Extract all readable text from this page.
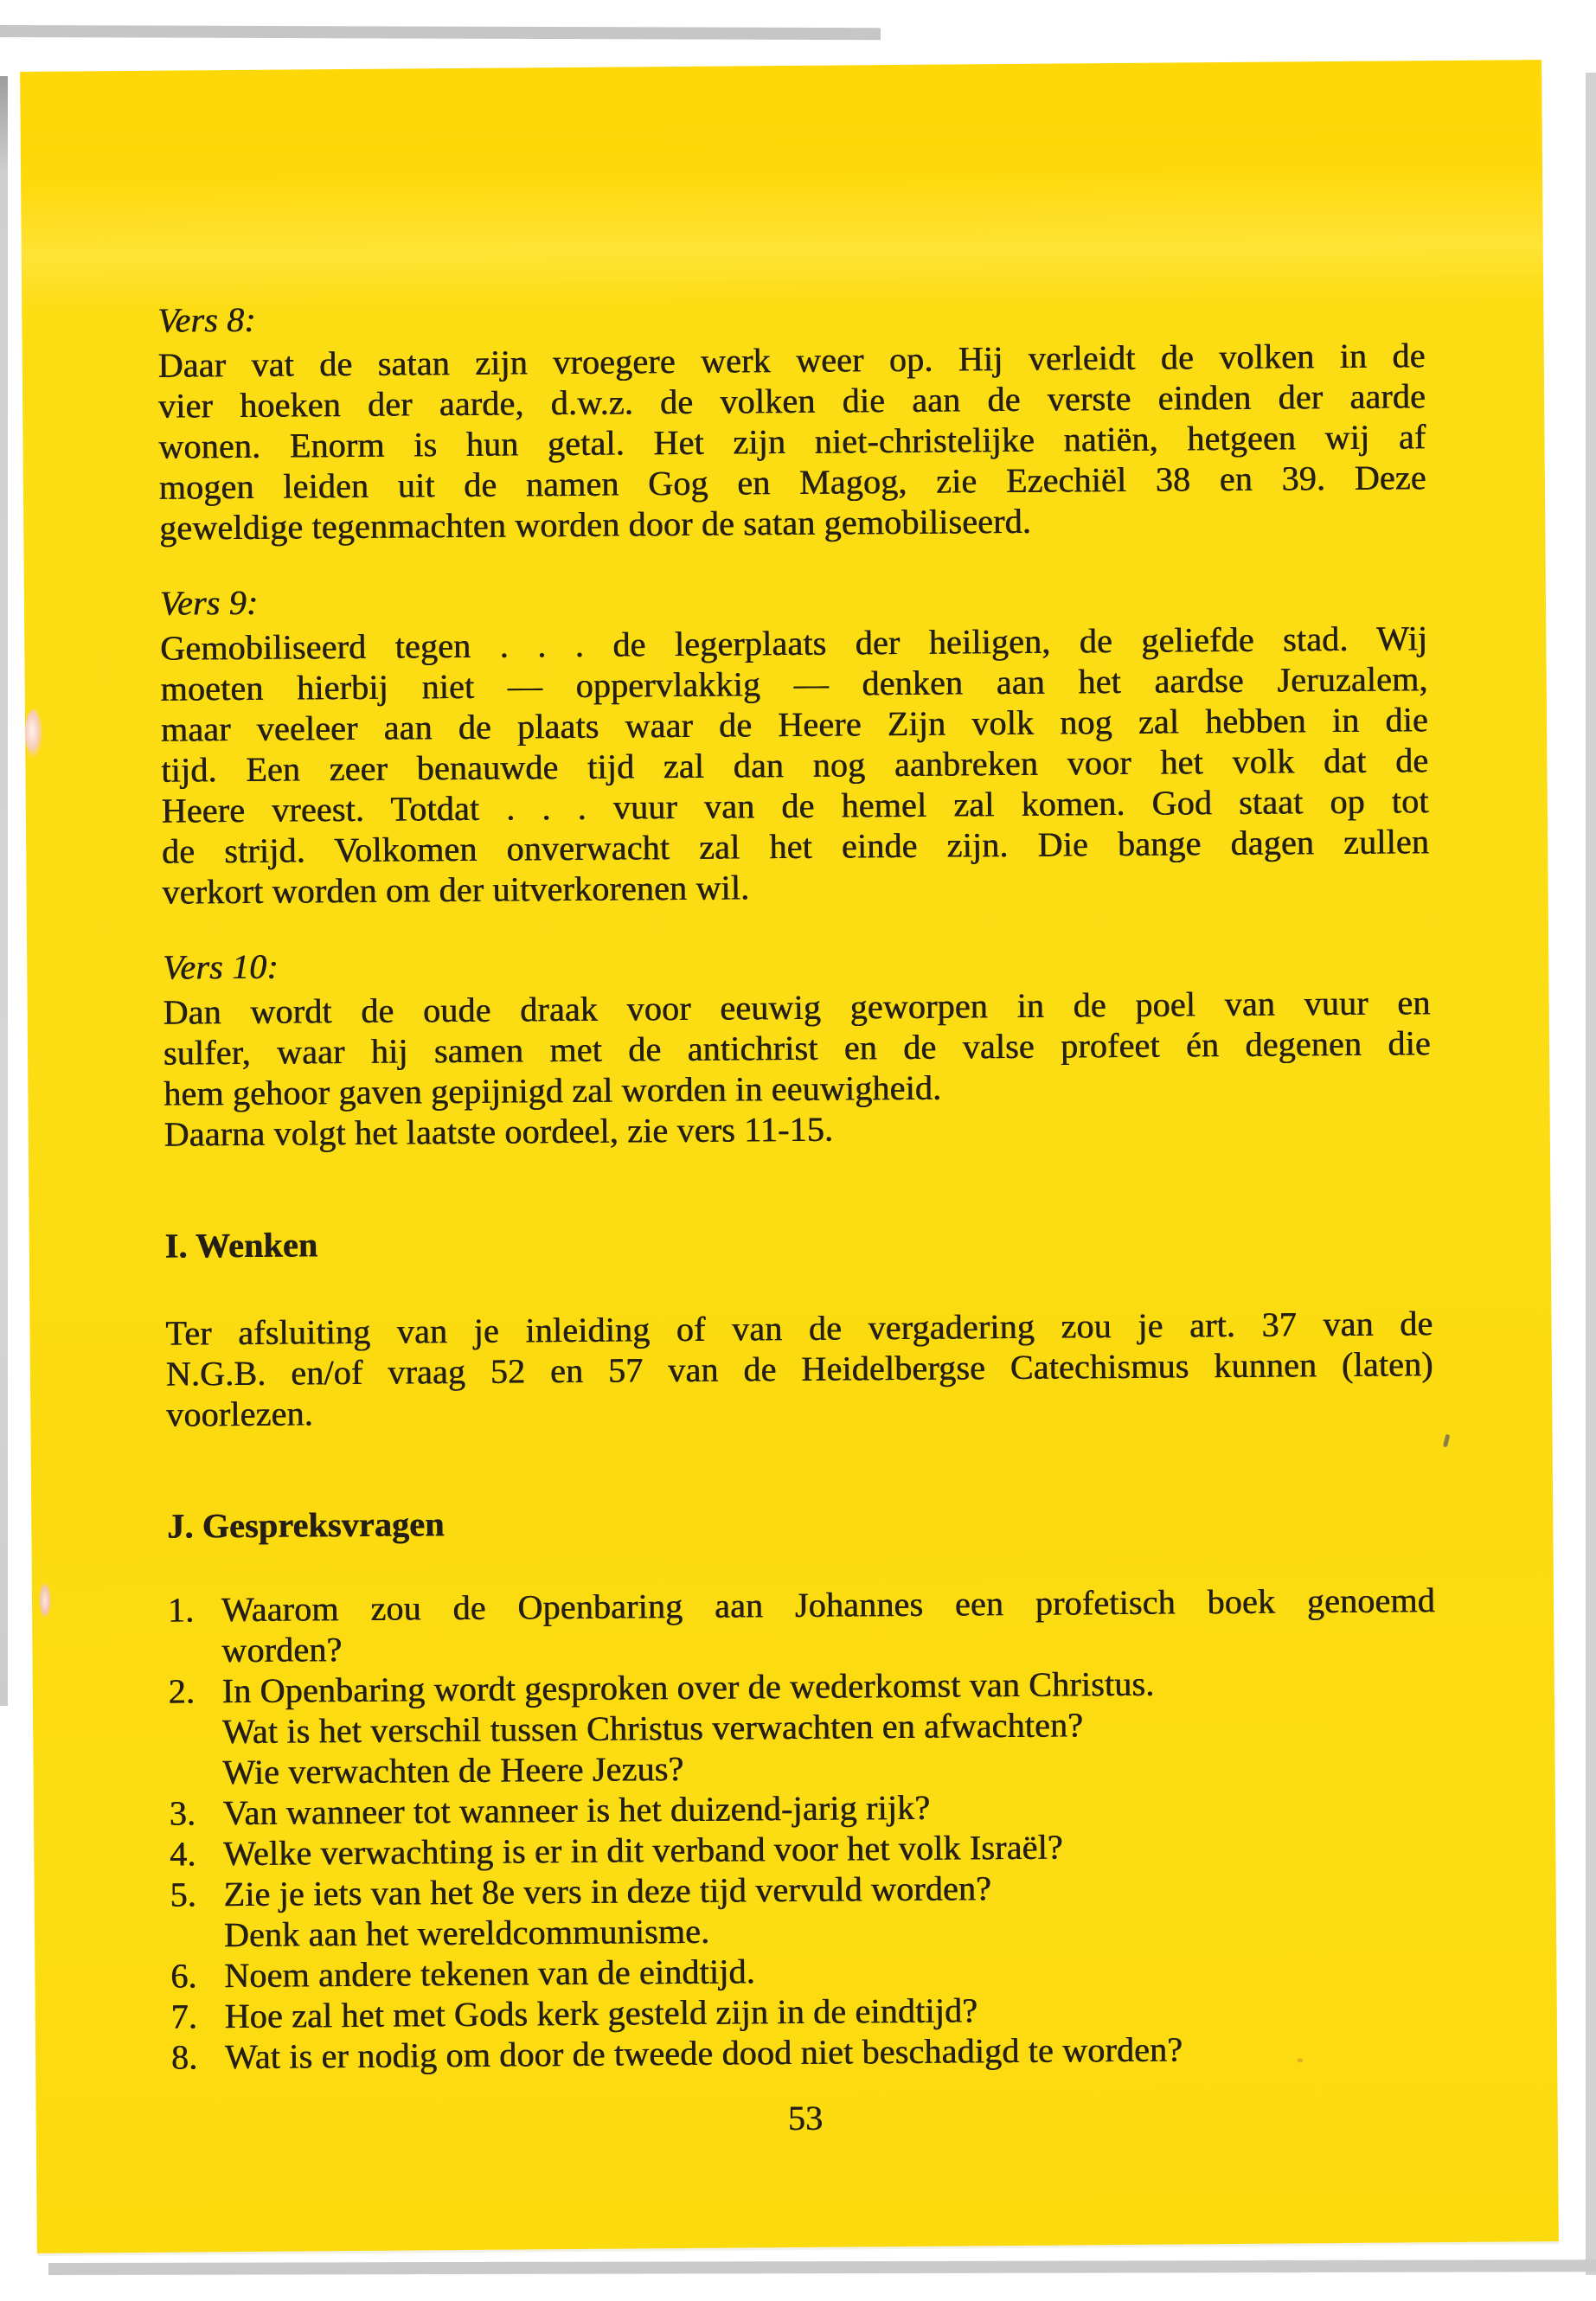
Vers 8:
Daar vat de satan zijn vroegere werk weer op. Hij verleidt de volken in de
vier hoeken der aarde, d.w.z. de volken die aan de verste einden der aarde
wonen. Enorm is hun getal. Het zijn niet-christelijke natiën, hetgeen wij af
mogen leiden uit de namen Gog en Magog, zie Ezechiël 38 en 39. Deze
geweldige tegenmachten worden door de satan gemobiliseerd.
Vers 9:
Gemobiliseerd tegen . . . de legerplaats der heiligen, de geliefde stad. Wij
moeten hierbij niet — oppervlakkig — denken aan het aardse Jeruzalem,
maar veeleer aan de plaats waar de Heere Zijn volk nog zal hebben in die
tijd. Een zeer benauwde tijd zal dan nog aanbreken voor het volk dat de
Heere vreest. Totdat . . . vuur van de hemel zal komen. God staat op tot
de strijd. Volkomen onverwacht zal het einde zijn. Die bange dagen zullen
verkort worden om der uitverkorenen wil.
Vers 10:
Dan wordt de oude draak voor eeuwig geworpen in de poel van vuur en
sulfer, waar hij samen met de antichrist en de valse profeet én degenen die
hem gehoor gaven gepijnigd zal worden in eeuwigheid.
Daarna volgt het laatste oordeel, zie vers 11-15.
I. Wenken
Ter afsluiting van je inleiding of van de vergadering zou je art. 37 van de
N.G.B. en/of vraag 52 en 57 van de Heidelbergse Catechismus kunnen (laten)
voorlezen.
J. Gespreksvragen
1. Waarom zou de Openbaring aan Johannes een profetisch boek genoemd
worden?
2. In Openbaring wordt gesproken over de wederkomst van Christus.
Wat is het verschil tussen Christus verwachten en afwachten?
Wie verwachten de Heere Jezus?
3. Van wanneer tot wanneer is het duizend-jarig rijk?
4. Welke verwachting is er in dit verband voor het volk Israël?
5. Zie je iets van het 8e vers in deze tijd vervuld worden?
Denk aan het wereldcommunisme.
6. Noem andere tekenen van de eindtijd.
7. Hoe zal het met Gods kerk gesteld zijn in de eindtijd?
8. Wat is er nodig om door de tweede dood niet beschadigd te worden?
53
